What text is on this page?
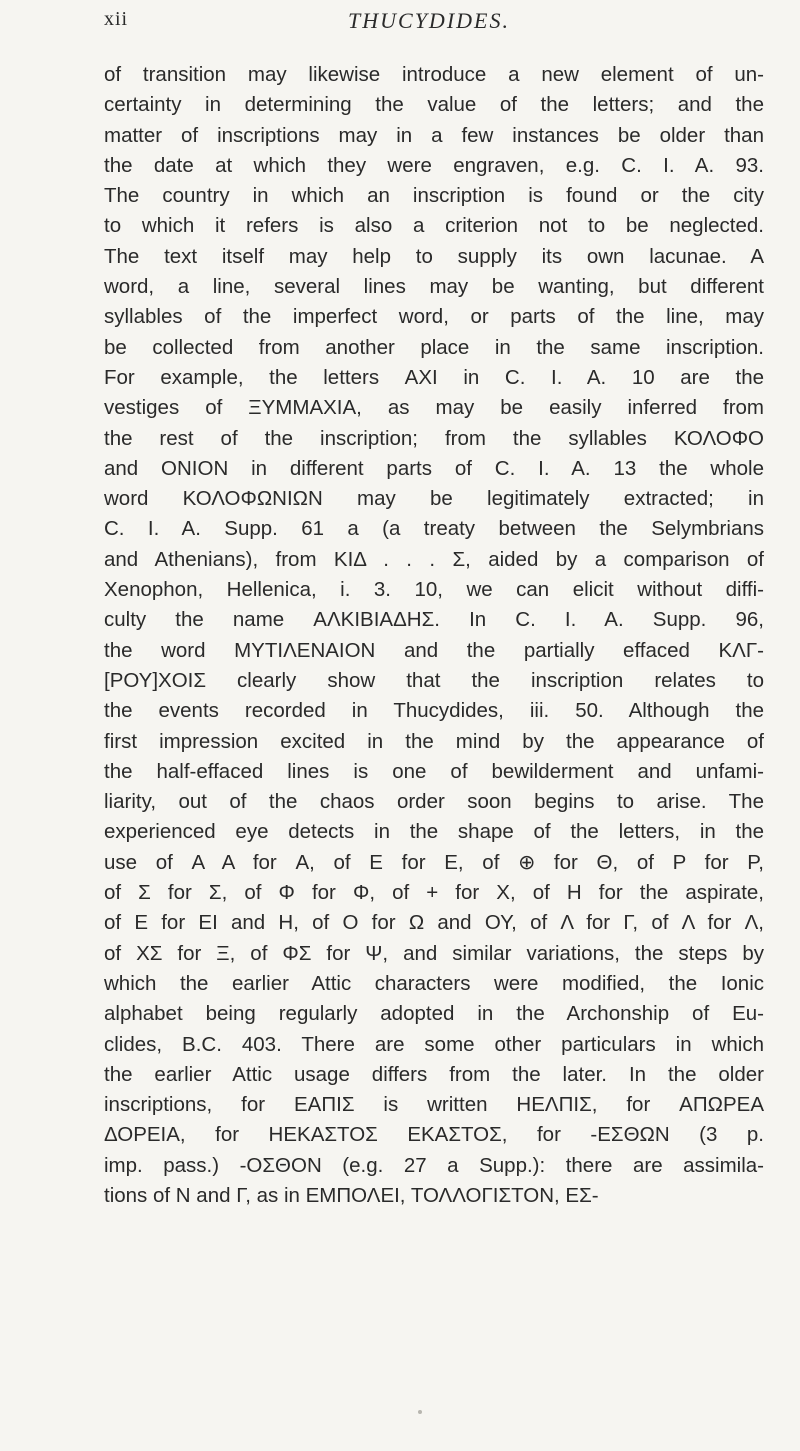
xii	THUCYDIDES.
of transition may likewise introduce a new element of un-
certainty in determining the value of the letters; and the
matter of inscriptions may in a few instances be older than
the date at which they were engraven, e.g. C. I. A. 93.
The country in which an inscription is found or the city
to which it refers is also a criterion not to be neglected.
The text itself may help to supply its own lacunae. A
word, a line, several lines may be wanting, but different
syllables of the imperfect word, or parts of the line, may
be collected from another place in the same inscription.
For example, the letters ΑΧΙ in C. I. A. 10 are the
vestiges of ΞΥΜΜΑΧΙΑ, as may be easily inferred from
the rest of the inscription; from the syllables ΚΟΛΟΦΟ
and ΟΝΙΟΝ in different parts of C. I. A. 13 the whole
word ΚΟΛΟΦΩΝΙΩΝ may be legitimately extracted; in
C. I. A. Supp. 61 a (a treaty between the Selymbrians
and Athenians), from ΚΙΔ . . . Σ, aided by a comparison of
Xenophon, Hellenica, i. 3. 10, we can elicit without diffi-
culty the name ΑΛΚΙΒΙΑΔΗΣ. In C. I. A. Supp. 96,
the word ΜΥΤΙΛΕΝΑΙΟΝ and the partially effaced ΚΛΓ-
[ΡΟΥ]ΧΟΙΣ clearly show that the inscription relates to
the events recorded in Thucydides, iii. 50. Although the
first impression excited in the mind by the appearance of
the half-effaced lines is one of bewilderment and unfami-
liarity, out of the chaos order soon begins to arise. The
experienced eye detects in the shape of the letters, in the
use of Α Α for Α, of Ε for Ε, of ⊕ for Θ, of Ρ for Ρ,
of Σ for Σ, of Φ for Φ, of + for Χ, of Η for the aspirate,
of Ε for ΕΙ and Η, of Ο for Ω and ΟΥ, of Λ for Γ, of Λ for Λ,
of ΧΣ for Ξ, of ΦΣ for Ψ, and similar variations, the steps by
which the earlier Attic characters were modified, the Ionic
alphabet being regularly adopted in the Archonship of Eu-
clides, B.C. 403. There are some other particulars in which
the earlier Attic usage differs from the later. In the older
inscriptions, for ΕΑΠΙΣ is written ΗΕΛΠΙΣ, for ΑΠΩΡΕΑ
ΔΟΡΕΙΑ, for ΗΕΚΑΣΤΟΣ ΕΚΑΣΤΟΣ, for -ΕΣΘΩΝ (3 p.
imp. pass.) -ΟΣΘΟΝ (e.g. 27 a Supp.): there are assimila-
tions of Ν and Γ, as in ΕΜΠΟΛΕΙ, ΤΟΛΛΟΓΙΣΤΟΝ, ΕΣ-
